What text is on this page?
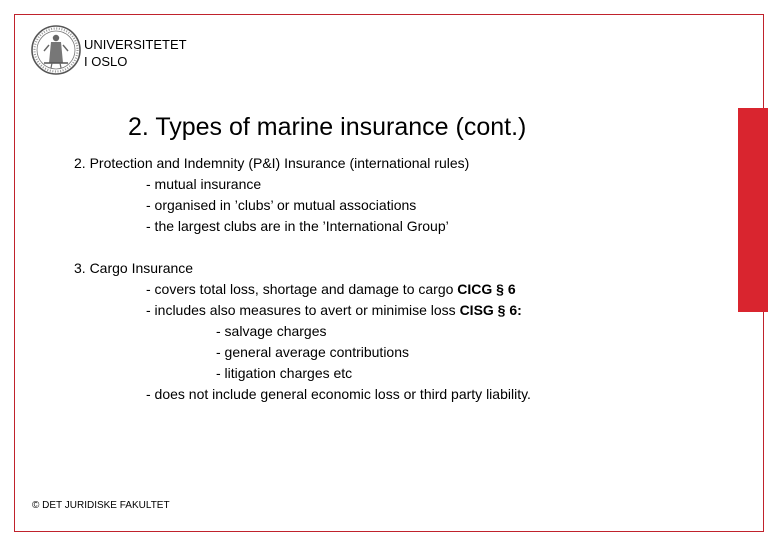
UNIVERSITETET
I OSLO
2. Types of marine insurance (cont.)
2. Protection and Indemnity (P&I) Insurance (international rules)
- mutual insurance
- organised in ’clubs’ or mutual associations
- the largest clubs are in the ’International Group’
3. Cargo Insurance
- covers total loss, shortage and damage to cargo CICG § 6
- includes also measures to avert or minimise loss CISG § 6:
- salvage charges
- general average contributions
- litigation charges etc
- does not include general economic loss or third party liability.
© DET JURIDISKE FAKULTET
